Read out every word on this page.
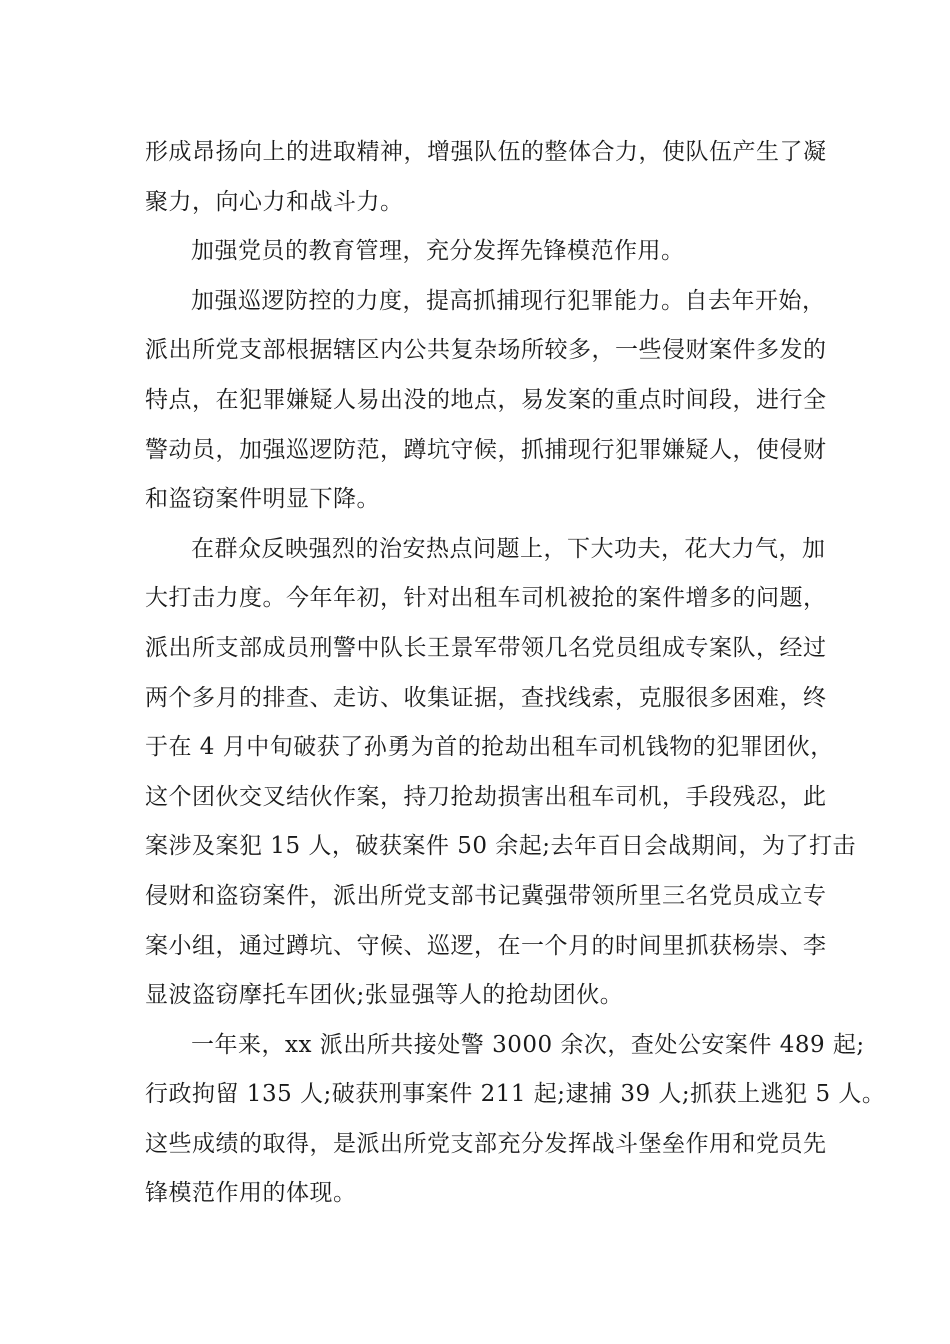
形成昂扬向上的进取精神，增强队伍的整体合力，使队伍产生了凝
聚力，向心力和战斗力。
加强党员的教育管理，充分发挥先锋模范作用。
加强巡逻防控的力度，提高抓捕现行犯罪能力。自去年开始，
派出所党支部根据辖区内公共复杂场所较多，一些侵财案件多发的
特点，在犯罪嫌疑人易出没的地点，易发案的重点时间段，进行全
警动员，加强巡逻防范，蹲坑守候，抓捕现行犯罪嫌疑人，使侵财
和盗窃案件明显下降。
在群众反映强烈的治安热点问题上，下大功夫，花大力气，加
大打击力度。今年年初，针对出租车司机被抢的案件增多的问题，
派出所支部成员刑警中队长王景军带领几名党员组成专案队，经过
两个多月的排查、走访、收集证据，查找线索，克服很多困难，终
于在 4 月中旬破获了孙勇为首的抢劫出租车司机钱物的犯罪团伙，
这个团伙交叉结伙作案，持刀抢劫损害出租车司机，手段残忍，此
案涉及案犯 15 人，破获案件 50 余起;去年百日会战期间，为了打击
侵财和盗窃案件，派出所党支部书记冀强带领所里三名党员成立专
案小组，通过蹲坑、守候、巡逻，在一个月的时间里抓获杨崇、李
显波盗窃摩托车团伙;张显强等人的抢劫团伙。
一年来，xx 派出所共接处警 3000 余次，查处公安案件 489 起;
行政拘留 135 人;破获刑事案件 211 起;逮捕 39 人;抓获上逃犯 5 人。
这些成绩的取得，是派出所党支部充分发挥战斗堡垒作用和党员先
锋模范作用的体现。
